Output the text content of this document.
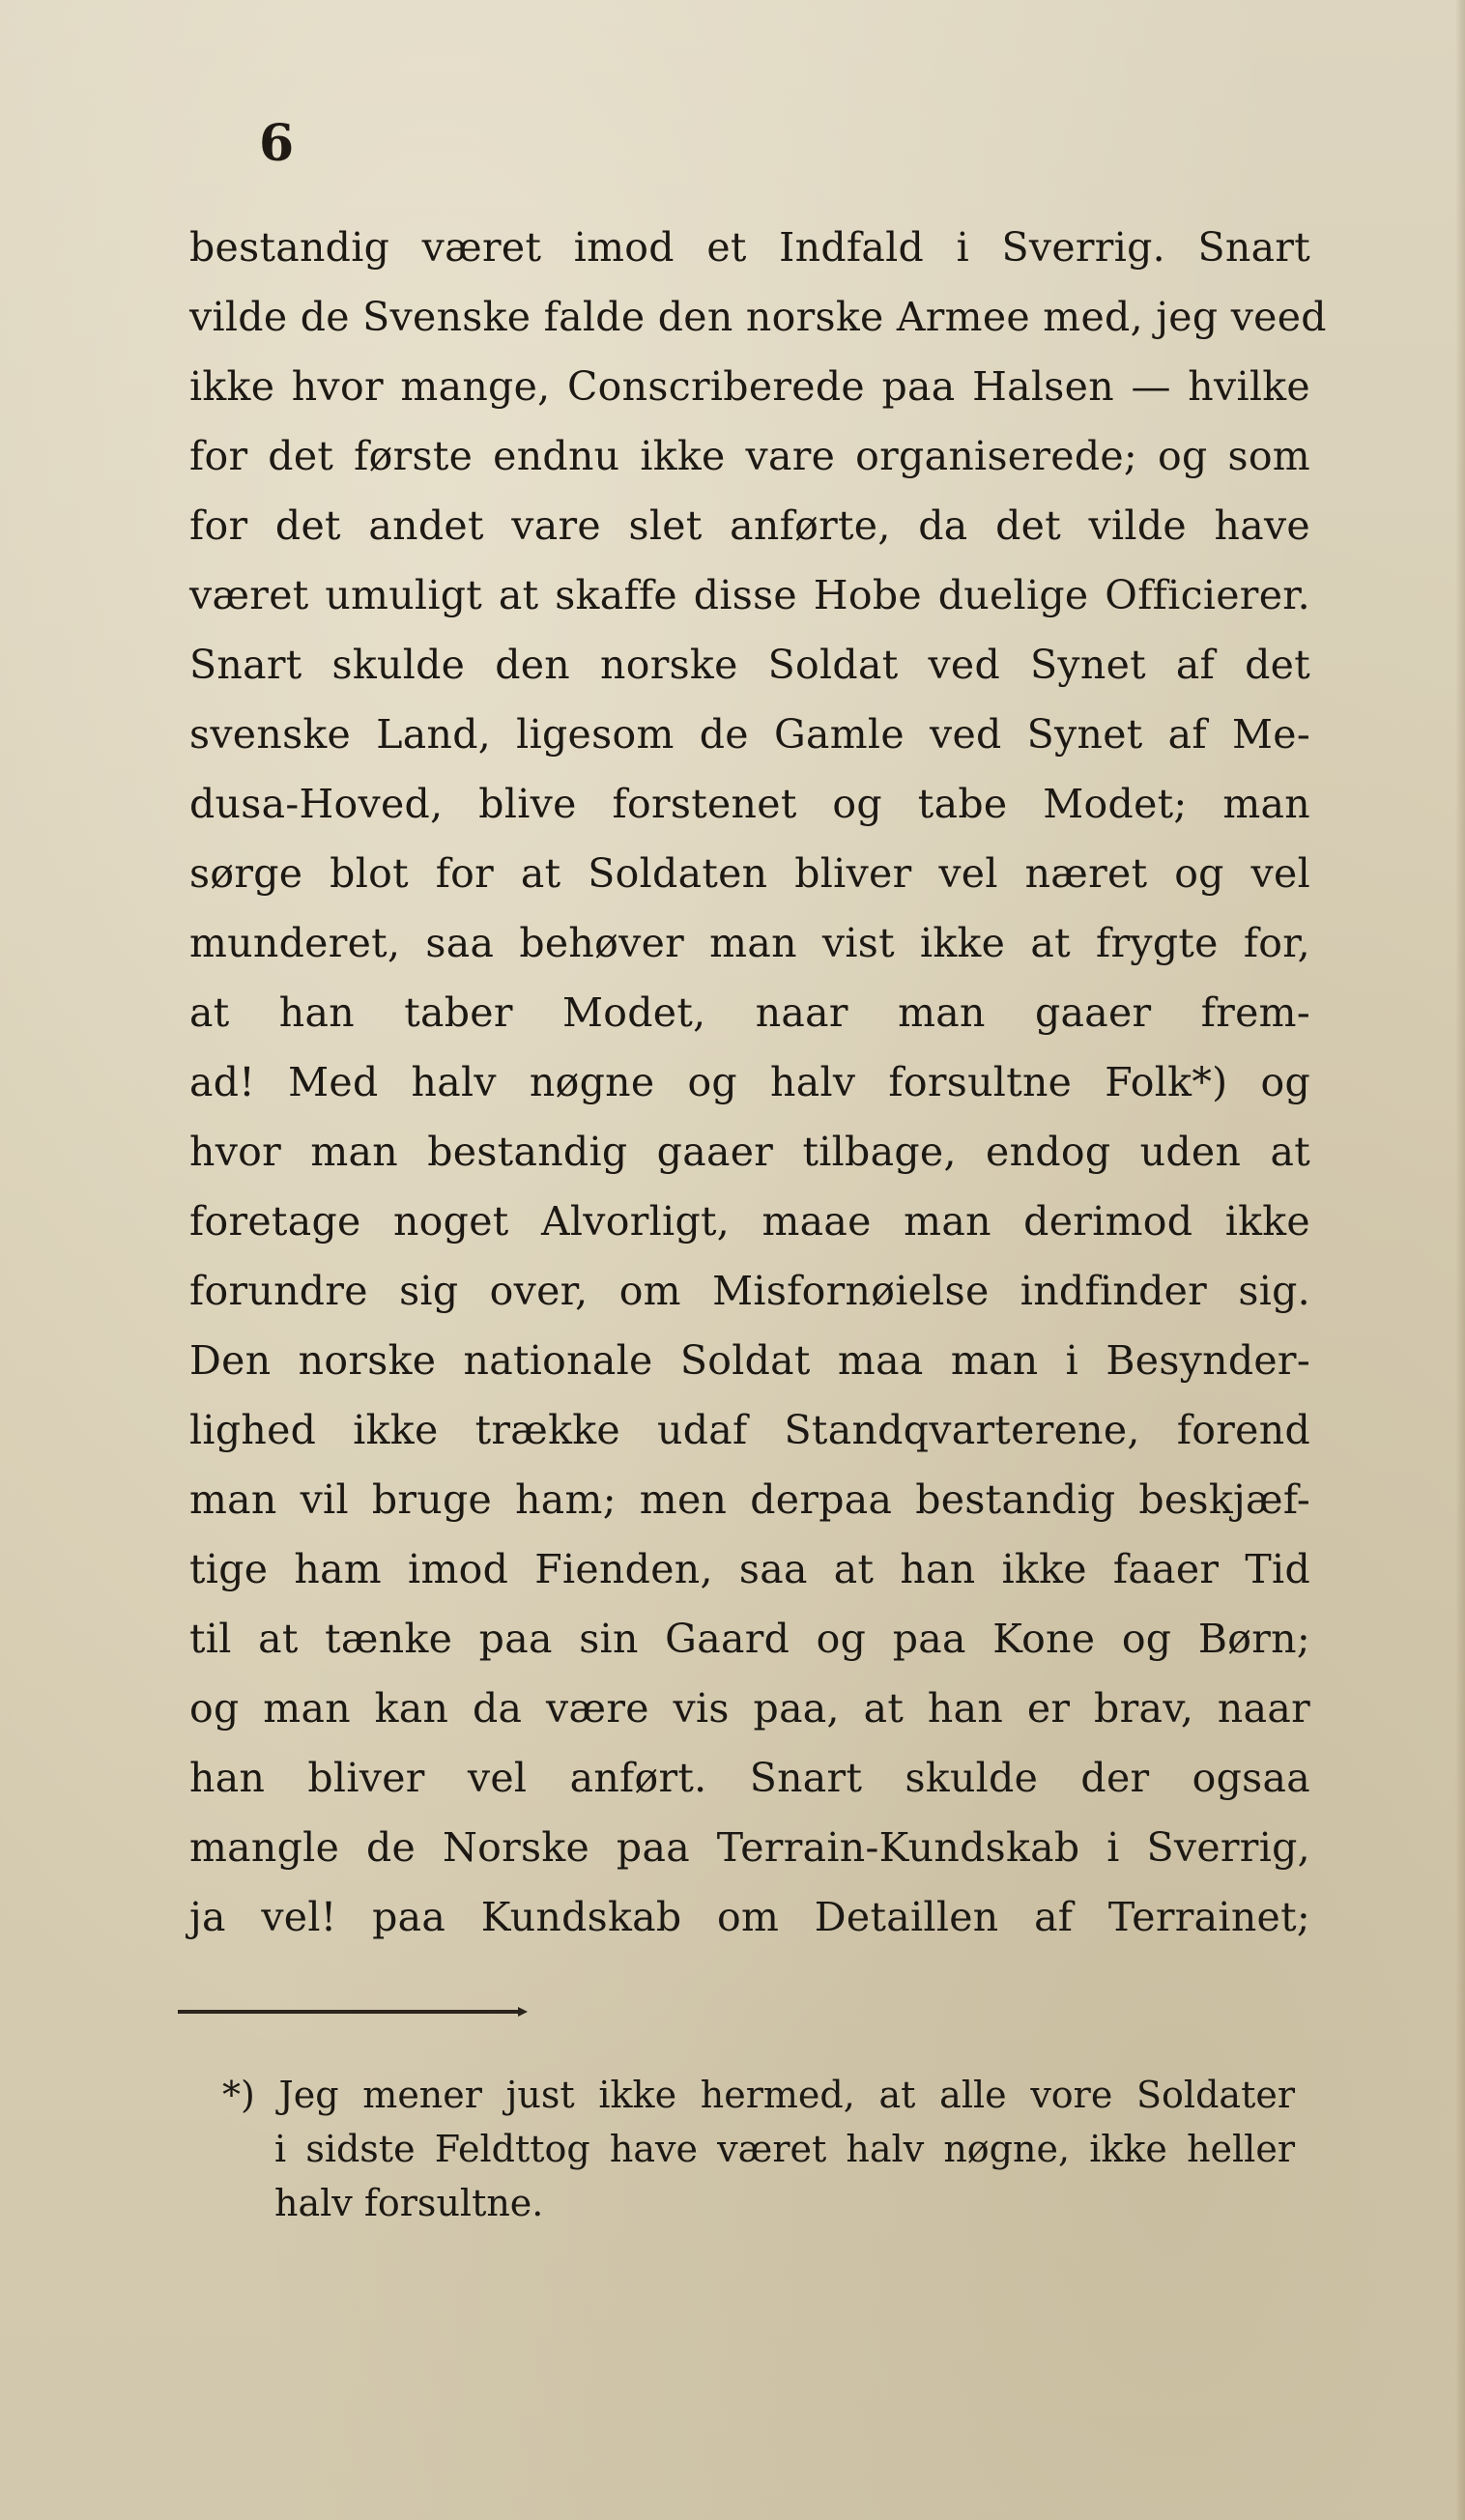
6
bestandig været imod et Indfald i Sverrig. Snart
vilde de Svenske falde den norske Armee med, jeg veed
ikke hvor mange, Conscriberede paa Halsen — hvilke
for det første endnu ikke vare organiserede; og som
for det andet vare slet anførte, da det vilde have
været umuligt at skaffe disse Hobe duelige Officierer.
Snart skulde den norske Soldat ved Synet af det
svenske Land, ligesom de Gamle ved Synet af Me-
dusa-Hoved, blive forstenet og tabe Modet; man
sørge blot for at Soldaten bliver vel næret og vel
munderet, saa behøver man vist ikke at frygte for,
at han taber Modet, naar man gaaer frem-
ad! Med halv nøgne og halv forsultne Folk*) og
hvor man bestandig gaaer tilbage, endog uden at
foretage noget Alvorligt, maae man derimod ikke
forundre sig over, om Misfornøielse indfinder sig.
Den norske nationale Soldat maa man i Besynder-
lighed ikke trække udaf Standqvarterene, forend
man vil bruge ham; men derpaa bestandig beskjæf-
tige ham imod Fienden, saa at han ikke faaer Tid
til at tænke paa sin Gaard og paa Kone og Børn;
og man kan da være vis paa, at han er brav, naar
han bliver vel anført. Snart skulde der ogsaa
mangle de Norske paa Terrain-Kundskab i Sverrig,
ja vel! paa Kundskab om Detaillen af Terrainet;
*) Jeg mener just ikke hermed, at alle vore Soldater
i sidste Feldttog have været halv nøgne, ikke heller
halv forsultne.
